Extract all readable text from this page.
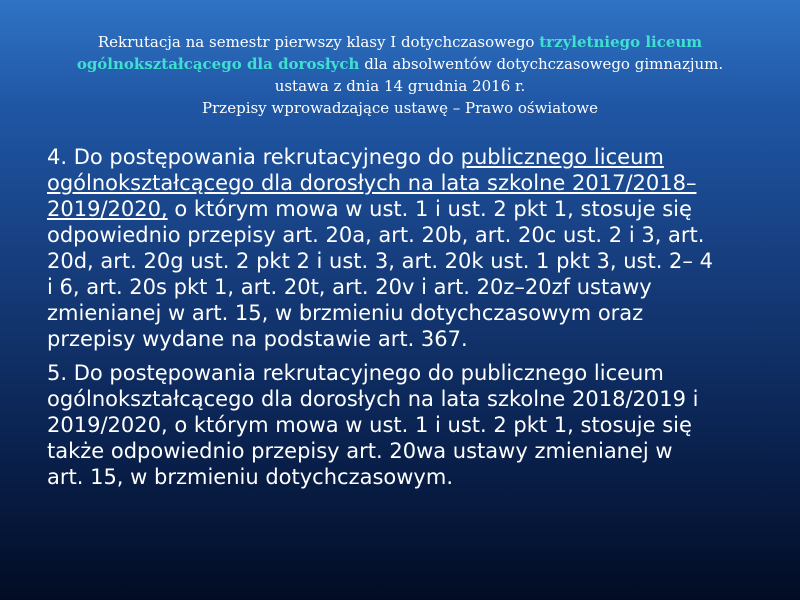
Rekrutacja na semestr pierwszy klasy I dotychczasowego trzyletniego liceum
ogólnokształcącego dla dorosłych dla absolwentów dotychczasowego gimnazjum.
ustawa z dnia 14 grudnia 2016 r.
Przepisy wprowadzające ustawę – Prawo oświatowe
4. Do postępowania rekrutacyjnego do publicznego liceum
ogólnokształcącego dla dorosłych na lata szkolne 2017/2018–
2019/2020, o którym mowa w ust. 1 i ust. 2 pkt 1, stosuje się
odpowiednio przepisy art. 20a, art. 20b, art. 20c ust. 2 i 3, art.
20d, art. 20g ust. 2 pkt 2 i ust. 3, art. 20k ust. 1 pkt 3, ust. 2– 4
i 6, art. 20s pkt 1, art. 20t, art. 20v i art. 20z–20zf ustawy
zmienianej w art. 15, w brzmieniu dotychczasowym oraz
przepisy wydane na podstawie art. 367.
5. Do postępowania rekrutacyjnego do publicznego liceum
ogólnokształcącego dla dorosłych na lata szkolne 2018/2019 i
2019/2020, o którym mowa w ust. 1 i ust. 2 pkt 1, stosuje się
także odpowiednio przepisy art. 20wa ustawy zmienianej w
art. 15, w brzmieniu dotychczasowym.
